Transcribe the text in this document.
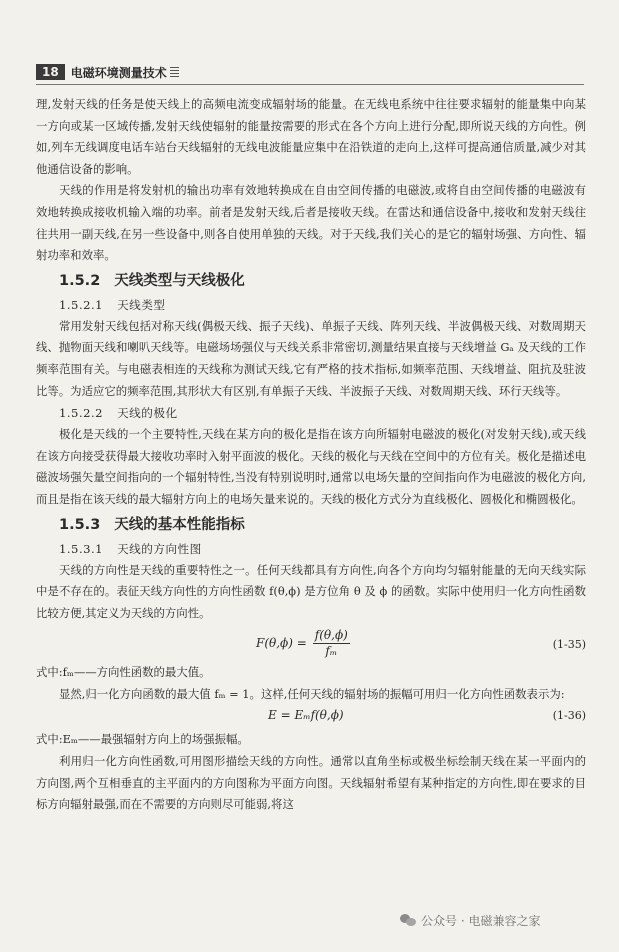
18	电磁环境测量技术

理,发射天线的任务是使天线上的高频电流变成辐射场的能量。在无线电系统中往往要求辐射的能量集中向某一方向或某一区域传播,发射天线使辐射的能量按需要的形式在各个方向上进行分配,即所说天线的方向性。例如,列车无线调度电话车站台天线辐射的无线电波能量应集中在沿铁道的走向上,这样可提高通信质量,减少对其他通信设备的影响。

天线的作用是将发射机的输出功率有效地转换成在自由空间传播的电磁波,或将自由空间传播的电磁波有效地转换成接收机输入端的功率。前者是发射天线,后者是接收天线。在雷达和通信设备中,接收和发射天线往往共用一副天线,在另一些设备中,则各自使用单独的天线。对于天线,我们关心的是它的辐射场强、方向性、辐射功率和效率。

1.5.2 天线类型与天线极化
1.5.2.1 天线类型

常用发射天线包括对称天线(偶极天线、振子天线)、单振子天线、阵列天线、半波偶极天线、对数周期天线、抛物面天线和喇叭天线等。电磁场场强仪与天线关系非常密切,测量结果直接与天线增益 Gₐ 及天线的工作频率范围有关。与电磁表相连的天线称为测试天线,它有严格的技术指标,如频率范围、天线增益、阻抗及驻波比等。为适应它的频率范围,其形状大有区别,有单振子天线、半波振子天线、对数周期天线、环行天线等。

1.5.2.2 天线的极化

极化是天线的一个主要特性,天线在某方向的极化是指在该方向所辐射电磁波的极化(对发射天线),或天线在该方向接受获得最大接收功率时入射平面波的极化。天线的极化与天线在空间中的方位有关。极化是描述电磁波场强矢量空间指向的一个辐射特性,当没有特别说明时,通常以电场矢量的空间指向作为电磁波的极化方向,而且是指在该天线的最大辐射方向上的电场矢量来说的。天线的极化方式分为直线极化、圆极化和椭圆极化。

1.5.3 天线的基本性能指标
1.5.3.1 天线的方向性图

天线的方向性是天线的重要特性之一。任何天线都具有方向性,向各个方向均匀辐射能量的无向天线实际中是不存在的。表征天线方向性的方向性函数 f(θ,ϕ) 是方位角 θ 及 ϕ 的函数。实际中使用归一化方向性函数比较方便,其定义为天线的方向性。

$F(\theta,\phi) = \frac{f(\theta,\phi)}{\text{fₘ}}$	(1-35)

式中:fₘ——方向性函数的最大值。

显然,归一化方向函数的最大值 fₘ = 1。这样,任何天线的辐射场的振幅可用归一化方向性函数表示为:

E = Eₘf(θ,ϕ)	(1-36)

式中:Eₘ——最强辐射方向上的场强振幅。

利用归一化方向性函数,可用图形描绘天线的方向性。通常以直角坐标或极坐标绘制天线在某一平面内的方向图,两个互相垂直的主平面内的方向图称为平面方向图。天线辐射希望有某种指定的方向性,即在要求的目标方向辐射最强,而在不需要的方向则尽可能弱,将这

公众号 · 电磁兼容之家
